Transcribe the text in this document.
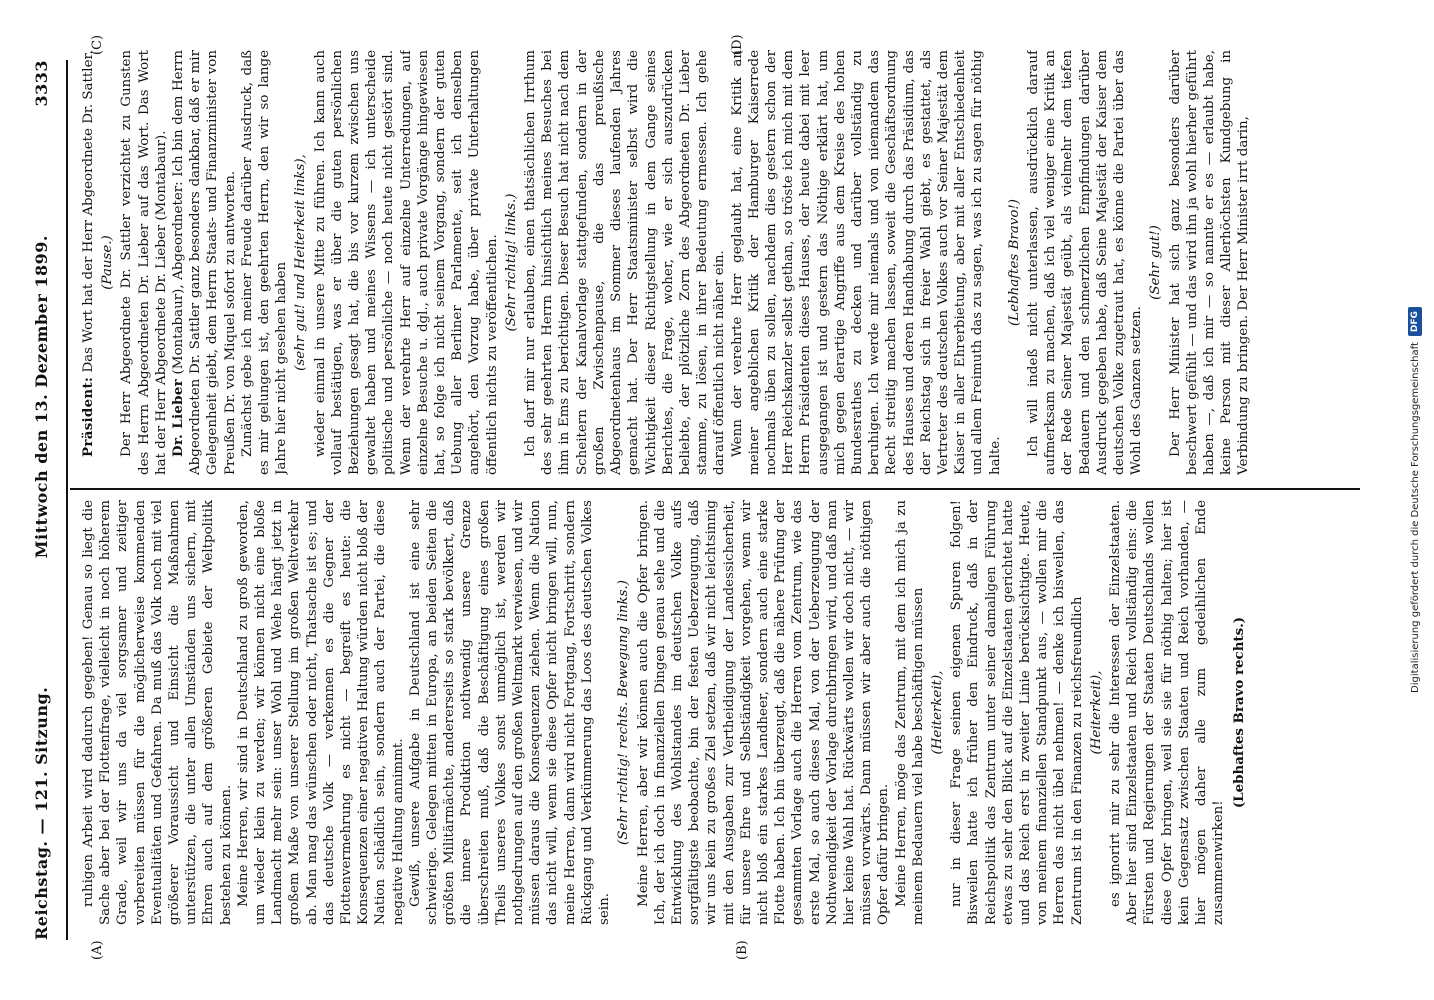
Reichstag. — 121. Sitzung.
Mittwoch den 13. Dezember 1899.
3333
(A)	(B)
(C)	(D)

ruhigen Arbeit wird dadurch gegeben! Genau so liegt die Sache aber bei der Flottenfrage, vielleicht in noch höherem Grade, weil wir uns da viel sorgsamer und zeitiger vorbereiten müssen für die möglicherweise kommenden Eventualitäten und Gefahren. Da muß das Volk noch mit viel größerer Voraussicht und Einsicht die Maßnahmen unterstützen, die unter allen Umständen uns sichern, mit Ehren auch auf dem größeren Gebiete der Weltpolitik bestehen zu können. Meine Herren, wir sind in Deutschland zu groß geworden, um wieder klein zu werden; wir können nicht eine bloße Landmacht mehr sein: unser Wohl und Wehe hängt jetzt in großem Maße von unserer Stellung im großen Weltverkehr ab. Man mag das wünschen oder nicht, Thatsache ist es; und das deutsche Volk — verkennen es die Gegner der Flottenvermehrung es nicht — begreift es heute: die Konsequenzen einer negativen Haltung würden nicht bloß der Nation schädlich sein, sondern auch der Partei, die diese negative Haltung annimmt. Gewiß, unsere Aufgabe in Deutschland ist eine sehr schwierige. Gelegen mitten in Europa, an beiden Seiten die größten Militärmächte, andererseits so stark bevölkert, daß die innere Produktion nothwendig unsere Grenze überschreiten muß, daß die Beschäftigung eines großen Theils unseres Volkes sonst unmöglich ist, werden wir nothgedrungen auf den großen Weltmarkt verwiesen, und wir müssen daraus die Konsequenzen ziehen. Wenn die Nation das nicht will, wenn sie diese Opfer nicht bringen will, nun, meine Herren, dann wird nicht Fortgang, Fortschritt, sondern Rückgang und Verkümmerung das Loos des deutschen Volkes sein.

(Sehr richtig! rechts. Bewegung links.) Meine Herren, aber wir können auch die Opfer bringen. Ich, der ich doch in finanziellen Dingen genau sehe und die Entwicklung des Wohlstandes im deutschen Volke aufs sorgfältigste beobachte, bin der festen Ueberzeugung, daß wir uns kein zu großes Ziel setzen, daß wir nicht leichtsinnig mit den Ausgaben zur Vertheidigung der Landessicherheit, für unsere Ehre und Selbständigkeit vorgehen, wenn wir nicht bloß ein starkes Landheer, sondern auch eine starke Flotte haben. Ich bin überzeugt, daß die nähere Prüfung der gesammten Vorlage auch die Herren vom Zentrum, wie das erste Mal, so auch dieses Mal, von der Ueberzeugung der Nothwendigkeit der Vorlage durchbringen wird, und daß man hier keine Wahl hat. Rückwärts wollen wir doch nicht, — wir müssen vorwärts. Dann müssen wir aber auch die nöthigen Opfer dafür bringen. Meine Herren, möge das Zentrum, mit dem ich mich ja zu meinem Bedauern viel habe beschäftigen müssen (Heiterkeit), nur in dieser Frage seinen eigenen Spuren folgen! Bisweilen hatte ich früher den Eindruck, daß in der Reichspolitik das Zentrum unter seiner damaligen Führung etwas zu sehr den Blick auf die Einzelstaaten gerichtet hatte und das Reich erst in zweiter Linie berücksichtigte. Heute, von meinem finanziellen Standpunkt aus, — wollen mir die Herren das nicht übel nehmen! — denke ich bisweilen, das Zentrum ist in den Finanzen zu reichsfreundlich (Heiterkeit), es ignorirt mir zu sehr die Interessen der Einzelstaaten. Aber hier sind Einzelstaaten und Reich vollständig eins: die Fürsten und Regierungen der Staaten Deutschlands wollen diese Opfer bringen, weil sie sie für nöthig halten; hier ist kein Gegensatz zwischen Staaten und Reich vorhanden, — hier mögen daher alle zum gedeihlichen Ende zusammenwirken!

(Lebhaftes Bravo rechts.)

Präsident: Das Wort hat der Herr Abgeordnete Dr. Sattler. (Pause.) Der Herr Abgeordnete Dr. Sattler verzichtet zu Gunsten des Herrn Abgeordneten Dr. Lieber auf das Wort. Das Wort hat der Herr Abgeordnete Dr. Lieber (Montabaur). Dr. Lieber (Montabaur), Abgeordneter: Ich bin dem Herrn Abgeordneten Dr. Sattler ganz besonders dankbar, daß er mir Gelegenheit giebt, dem Herrn Staats- und Finanzminister von Preußen Dr. von Miquel sofort zu antworten. Zunächst gebe ich meiner Freude darüber Ausdruck, daß es mir gelungen ist, den geehrten Herrn, den wir so lange Jahre hier nicht gesehen haben (sehr gut! und Heiterkeit links), wieder einmal in unsere Mitte zu führen. Ich kann auch vollauf bestätigen, was er über die guten persönlichen Beziehungen gesagt hat, die bis vor kurzem zwischen uns gewaltet haben und meines Wissens — ich unterscheide politische und persönliche — noch heute nicht gestört sind. Wenn der verehrte Herr auf einzelne Unterredungen, auf einzelne Besuche u. dgl., auch private Vorgänge hingewiesen hat, so folge ich nicht seinem Vorgang, sondern der guten Uebung aller Berliner Parlamente, seit ich denselben angehört, den Vorzug habe, über private Unterhaltungen öffentlich nichts zu veröffentlichen. (Sehr richtig! links.) Ich darf mir nur erlauben, einen thatsächlichen Irrthum des sehr geehrten Herrn hinsichtlich meines Besuches bei ihm in Ems zu berichtigen. Dieser Besuch hat nicht nach dem Scheitern der Kanalvorlage stattgefunden, sondern in der großen Zwischenpause, die das preußische Abgeordnetenhaus im Sommer dieses laufenden Jahres gemacht hat. Der Herr Staatsminister selbst wird die Wichtigkeit dieser Richtigstellung in dem Gange seines Berichtes, die Frage, woher, wie er sich auszudrücken beliebte, der plötzliche Zorn des Abgeordneten Dr. Lieber stamme, zu lösen, in ihrer Bedeutung ermessen. Ich gehe darauf öffentlich nicht näher ein. Wenn der verehrte Herr geglaubt hat, eine Kritik an meiner angeblichen Kritik der Hamburger Kaiserrede nochmals üben zu sollen, nachdem dies gestern schon der Herr Reichskanzler selbst gethan, so tröste ich mich mit dem Herrn Präsidenten dieses Hauses, der heute dabei mit leer ausgegangen ist und gestern das Nöthige erklärt hat, um mich gegen derartige Angriffe aus dem Kreise des hohen Bundesrathes zu decken und darüber vollständig zu beruhigen. Ich werde mir niemals und von niemandem das Recht streitig machen lassen, soweit die Geschäftsordnung des Hauses und deren Handhabung durch das Präsidium, das der Reichstag sich in freier Wahl giebt, es gestattet, als Vertreter des deutschen Volkes auch vor Seiner Majestät dem Kaiser in aller Ehrerbietung, aber mit aller Entschiedenheit und allem Freimuth das zu sagen, was ich zu sagen für nöthig halte.

(Lebhaftes Bravo!) Ich will indeß nicht unterlassen, ausdrücklich darauf aufmerksam zu machen, daß ich viel weniger eine Kritik an der Rede Seiner Majestät geübt, als vielmehr dem tiefen Bedauern und den schmerzlichen Empfindungen darüber Ausdruck gegeben habe, daß Seine Majestät der Kaiser dem deutschen Volke zugetraut hat, es könne die Partei über das Wohl des Ganzen setzen.

(Sehr gut!) Der Herr Minister hat sich ganz besonders darüber beschwert gefühlt — und das wird ihn ja wohl hierher geführt haben —, daß ich mir — so nannte er es — erlaubt habe, keine Person mit dieser Allerhöchsten Kundgebung in Verbindung zu bringen. Der Herr Minister irrt darin,

Digitalisierung gefördert durch die Deutsche Forschungsgemeinschaft
DFG
